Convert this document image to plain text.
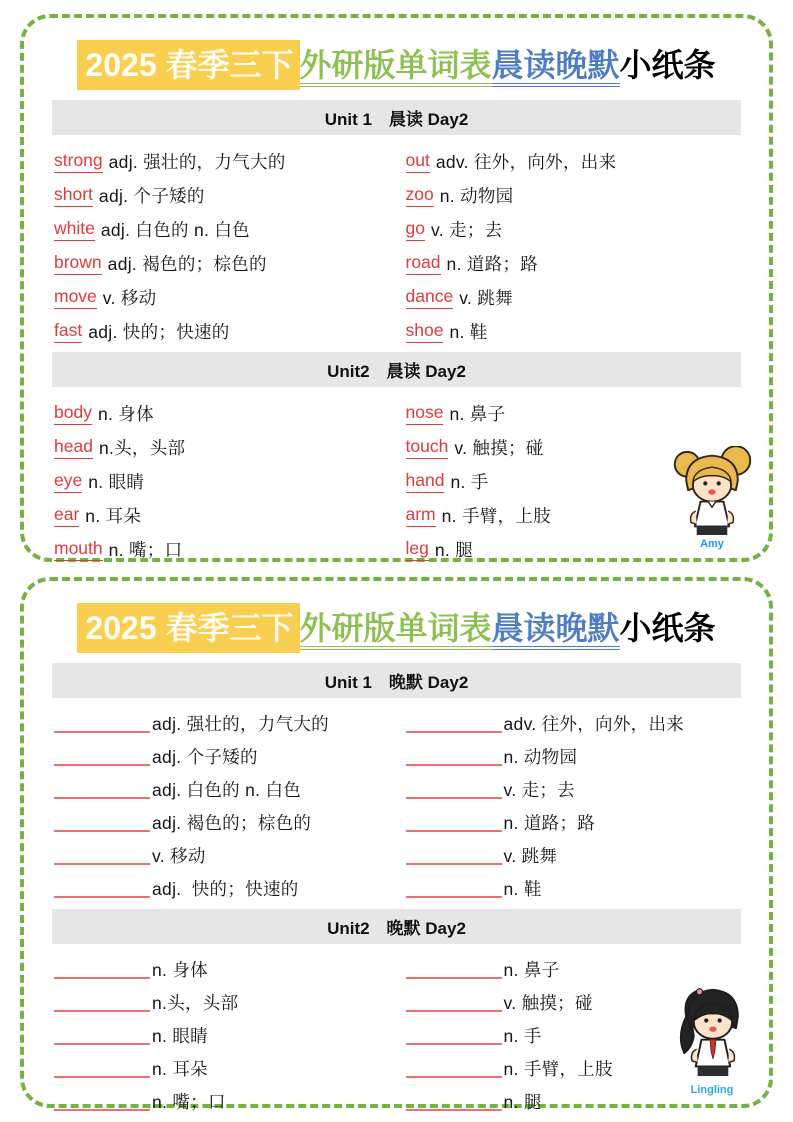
2025 春季三下 外研版单词表晨读晚默小纸条
Unit 1　晨读 Day2
strong adj. 强壮的，力气大的
short adj. 个子矮的
white adj. 白色的 n. 白色
brown adj. 褐色的；棕色的
move v. 移动
fast adj. 快的；快速的
out adv. 往外，向外，出来
zoo n. 动物园
go v. 走；去
road n. 道路；路
dance v. 跳舞
shoe n. 鞋
Unit2　晨读 Day2
body n. 身体
head n.头，头部
eye n. 眼睛
ear n. 耳朵
mouth n. 嘴；口
nose n. 鼻子
touch v. 触摸；碰
hand n. 手
arm n. 手臂，上肢
leg n. 腿	Amy
2025 春季三下 外研版单词表晨读晚默小纸条
Unit 1　晚默 Day2
adj. 强壮的，力气大的
adj. 个子矮的
adj. 白色的 n. 白色
adj. 褐色的；棕色的
v. 移动
adj.  快的；快速的
adv. 往外，向外，出来
n. 动物园
v. 走；去
n. 道路；路
v. 跳舞
n. 鞋
Unit2　晚默 Day2
n. 身体
n.头，头部
n. 眼睛
n. 耳朵
n. 嘴；口
n. 鼻子
v. 触摸；碰
n. 手
n. 手臂，上肢
n. 腿
Lingling
